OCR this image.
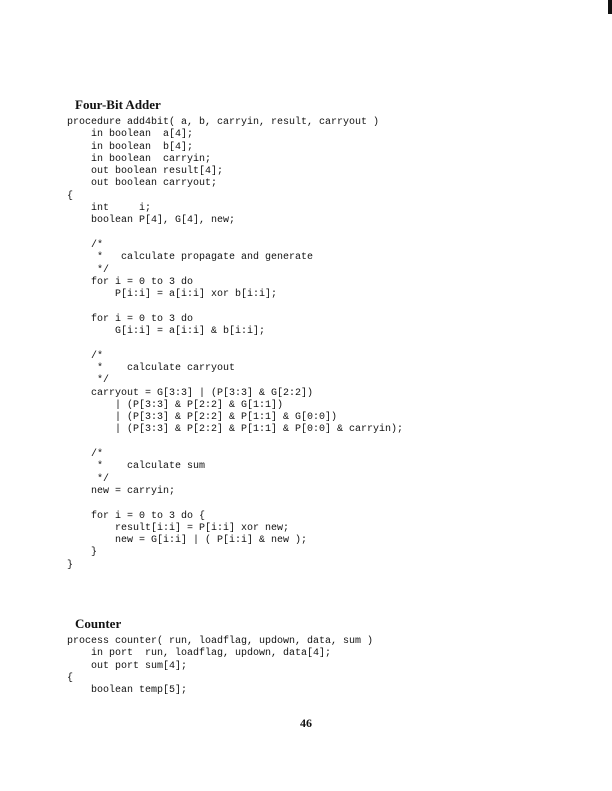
Four-Bit Adder
procedure add4bit( a, b, carryin, result, carryout )
in boolean  a[4];
in boolean  b[4];
in boolean  carryin;
out boolean result[4];
out boolean carryout;
{
int     i;
boolean P[4], G[4], new;
/*
*   calculate propagate and generate
*/
for i = 0 to 3 do
P[i:i] = a[i:i] xor b[i:i];
for i = 0 to 3 do
G[i:i] = a[i:i] & b[i:i];
/*
*    calculate carryout
*/
carryout = G[3:3] | (P[3:3] & G[2:2])
| (P[3:3] & P[2:2] & G[1:1])
| (P[3:3] & P[2:2] & P[1:1] & G[0:0])
| (P[3:3] & P[2:2] & P[1:1] & P[0:0] & carryin);
/*
*    calculate sum
*/
new = carryin;
for i = 0 to 3 do {
result[i:i] = P[i:i] xor new;
new = G[i:i] | ( P[i:i] & new );
}
}
Counter
process counter( run, loadflag, updown, data, sum )
in port  run, loadflag, updown, data[4];
out port sum[4];
{
boolean temp[5];
46
